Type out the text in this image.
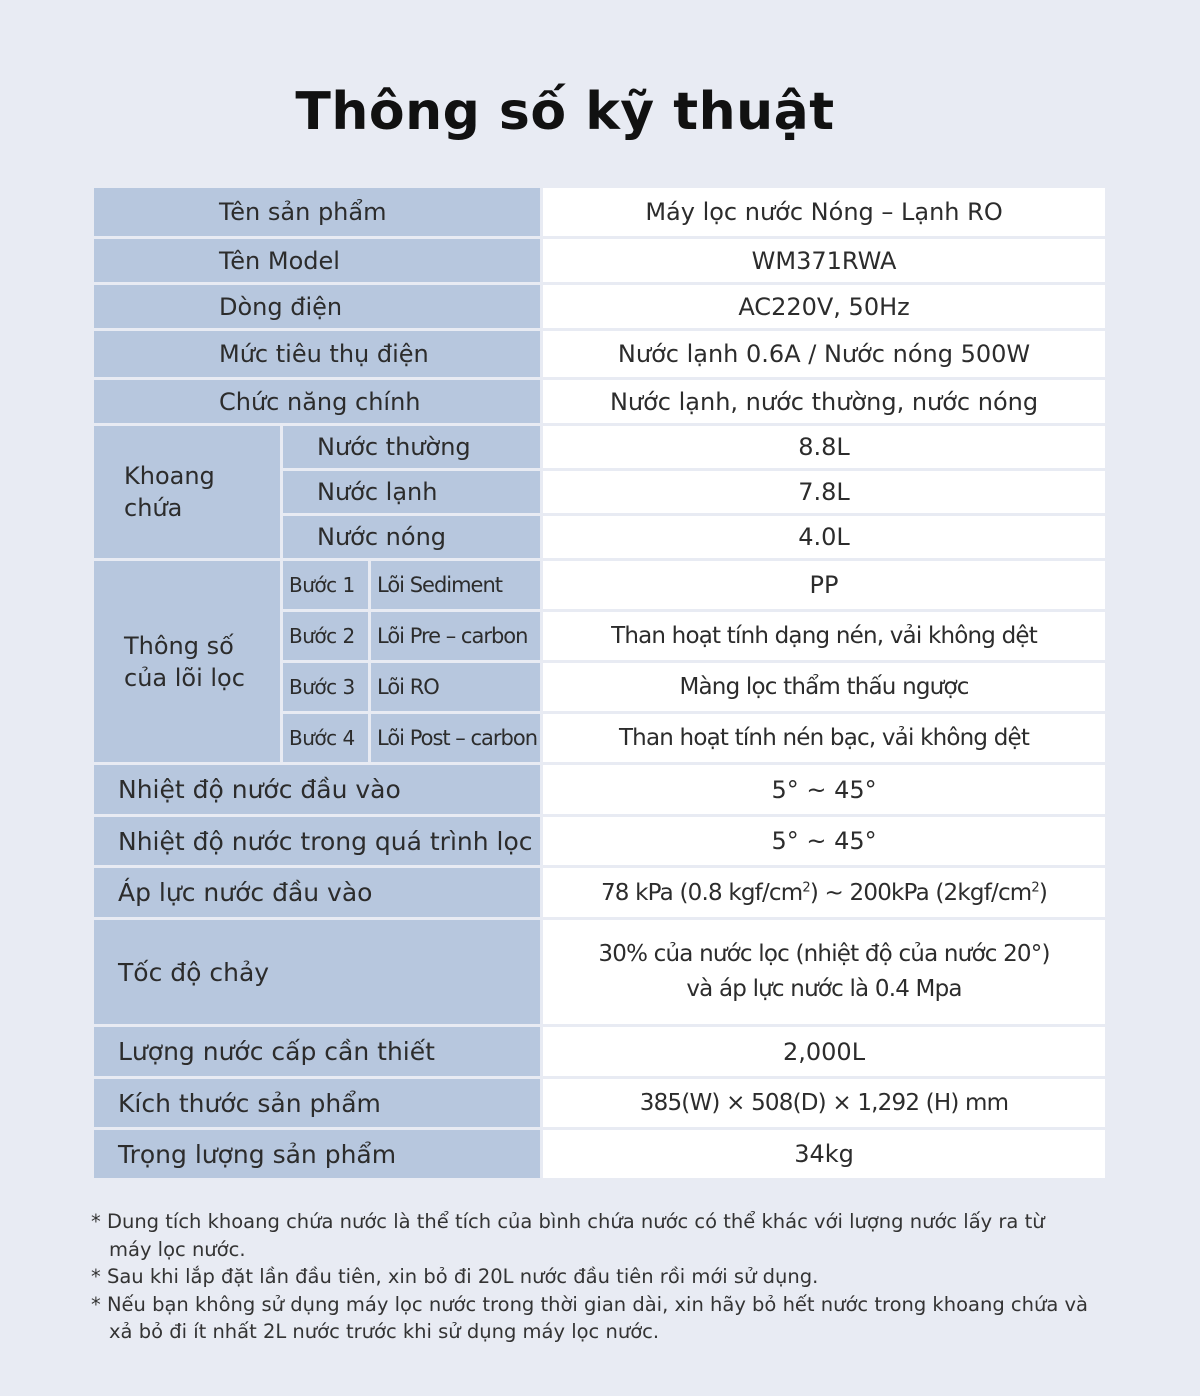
Thông số kỹ thuật
Tên sản phẩm			Máy lọc nước Nóng – Lạnh RO
Tên Model			WM371RWA
Dòng điện			AC220V, 50Hz
Mức tiêu thụ điện			Nước lạnh 0.6A / Nước nóng 500W
Chức năng chính			Nước lạnh, nước thường, nước nóng
Khoang chứa	Nước thường		8.8L
	Nước lạnh		7.8L
	Nước nóng		4.0L
Thông số của lõi lọc	Bước 1	Lõi Sediment	PP
	Bước 2	Lõi Pre – carbon	Than hoạt tính dạng nén, vải không dệt
	Bước 3	Lõi RO	Màng lọc thẩm thấu ngược
	Bước 4	Lõi Post – carbon	Than hoạt tính nén bạc, vải không dệt
Nhiệt độ nước đầu vào			5° ~ 45°
Nhiệt độ nước trong quá trình lọc			5° ~ 45°
Áp lực nước đầu vào			78 kPa (0.8 kgf/$cm^2$) ~ 200kPa $(2kgf/cm^2)$
Tốc độ chảy			30% của nước lọc (nhiệt độ của nước 20°)
và áp lực nước là 0.4 Mpa

Lượng nước cấp cần thiết			2,000L
Kích thước sản phẩm			385(W) × 508(D) × 1,292 (H) mm
Trọng lượng sản phẩm			34kg
* Dung tích khoang chứa nước là thể tích của bình chứa nước có thể khác với lượng nước lấy ra từ máy lọc nước.
* Sau khi lắp đặt lần đầu tiên, xin bỏ đi 20L nước đầu tiên rồi mới sử dụng.
* Nếu bạn không sử dụng máy lọc nước trong thời gian dài, xin hãy bỏ hết nước trong khoang chứa và xả bỏ đi ít nhất 2L nước trước khi sử dụng máy lọc nước.
